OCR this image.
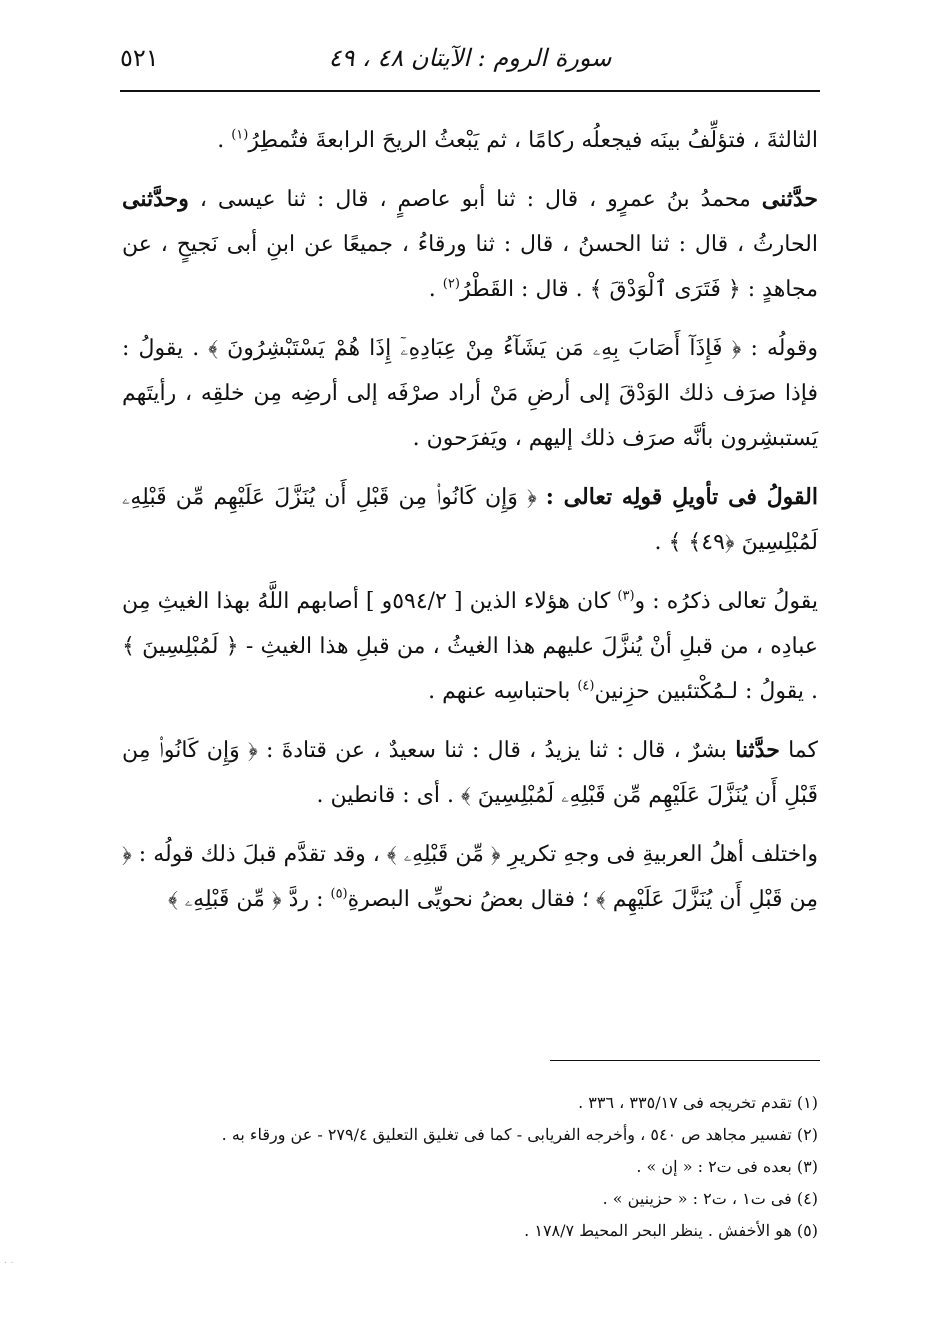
٥٢١	سورة الروم : الآيتان ٤٨ ، ٤٩

الثالثةَ ، فتؤلِّفُ بينَه فيجعلُه ركامًا ، ثم يَبْعثُ الريحَ الرابعةَ فتُمطِرُ$^{(١)}$ .

حدَّثنى محمدُ بنُ عمرٍو ، قال : ثنا أبو عاصمٍ ، قال : ثنا عيسى ، وحدَّثنى الحارثُ ، قال : ثنا الحسنُ ، قال : ثنا ورقاءُ ، جميعًا عن ابنِ أبى نَجيحٍ ، عن مجاهدٍ : ﴿ فَتَرَى ٱلْوَدْقَ ﴾ . قال : القَطْرُ$^{(٢)}$ .

وقولُه : ﴿ فَإِذَآ أَصَابَ بِهِۦ مَن يَشَآءُ مِنْ عِبَادِهِۦٓ إِذَا هُمْ يَسْتَبْشِرُونَ ﴾ . يقولُ : فإذا صرَف ذلك الوَدْقَ إلى أرضِ مَنْ أراد صرْفَه إلى أرضِه مِن خلقِه ، رأيتَهم يَستبشِرون بأنَّه صرَف ذلك إليهم ، ويَفرَحون .

القولُ فى تأويلِ قولِه تعالى : ﴿ وَإِن كَانُوا۟ مِن قَبْلِ أَن يُنَزَّلَ عَلَيْهِم مِّن قَبْلِهِۦ لَمُبْلِسِينَ ﴿٤٩﴾ ﴾ .

يقولُ تعالى ذكرُه : و$^{(٣)}$ كان هؤلاء الذين [ ٥٩٤/٢و ] أصابهم اللَّهُ بهذا الغيثِ مِن عبادِه ، من قبلِ أنْ يُنزَّلَ عليهم هذا الغيثُ ، من قبلِ هذا الغيثِ - ﴿ لَمُبْلِسِينَ ﴾ . يقولُ : لـمُكْتئبين حزِنين$^{(٤)}$ باحتباسِه عنهم .

كما حدَّثنا بشرٌ ، قال : ثنا يزيدُ ، قال : ثنا سعيدٌ ، عن قتادةَ : ﴿ وَإِن كَانُوا۟ مِن قَبْلِ أَن يُنَزَّلَ عَلَيْهِم مِّن قَبْلِهِۦ لَمُبْلِسِينَ ﴾ . أى : قانطين .

واختلف أهلُ العربيةِ فى وجهِ تكريرِ ﴿ مِّن قَبْلِهِۦ ﴾ ، وقد تقدَّم قبلَ ذلك قولُه : ﴿ مِن قَبْلِ أَن يُنَزَّلَ عَلَيْهِم ﴾ ؛ فقال بعضُ نحويِّى البصرةِ$^{(٥)}$ : ردَّ ﴿ مِّن قَبْلِهِۦ ﴾

(١) تقدم تخريجه فى ٣٣٥/١٧ ، ٣٣٦ .
(٢) تفسير مجاهد ص ٥٤٠ ، وأخرجه الفريابى - كما فى تغليق التعليق ٢٧٩/٤ - عن ورقاء به .
(٣) بعده فى ت٢ : « إن » .
(٤) فى ت١ ، ت٢ : « حزينين » .
(٥) هو الأخفش . ينظر البحر المحيط ١٧٨/٧ .
· ·
